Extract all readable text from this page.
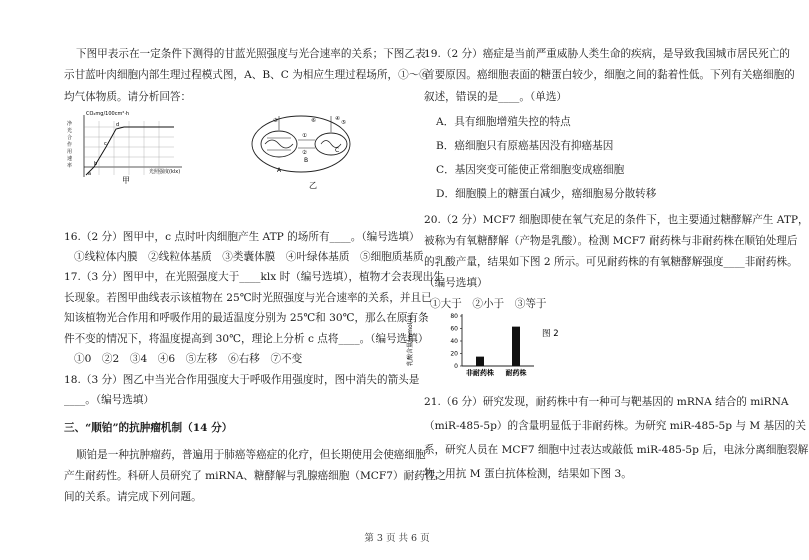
下图甲表示在一定条件下测得的甘蓝光照强度与光合速率的关系；下图乙表
示甘蓝叶肉细胞内部生理过程模式图，A、B、C 为相应生理过程场所，①～⑥
均气体物质。请分析回答：
净
光
合
作
用
速
率
CO₂mg/100cm²·h
a
b
c
d
光照强度(klx)
甲
①
②
③	④
⑤
⑥
A
B
C
乙
16.（2 分）图甲中，c 点时叶肉细胞产生 ATP 的场所有____。（编号选填）
①线粒体内膜　②线粒体基质　③类囊体膜　④叶绿体基质　⑤细胞质基质
17.（3 分）图甲中，在光照强度大于____klx 时（编号选填），植物才会表现出生
长现象。若图甲曲线表示该植物在 25℃时光照强度与光合速率的关系，并且已
知该植物光合作用和呼吸作用的最适温度分别为 25℃和 30℃，那么在原有条
件不变的情况下，将温度提高到 30℃，理论上分析 c 点将____。（编号选填）
①0　②2　③4　④6　⑤左移　⑥右移　⑦不变
18.（3 分）图乙中当光合作用强度大于呼吸作用强度时，图中消失的箭头是
____。（编号选填）
三、“顺铂”的抗肿瘤机制（14 分）
顺铂是一种抗肿瘤药，普遍用于肺癌等癌症的化疗，但长期使用会使癌细胞
产生耐药性。科研人员研究了 miRNA、糖酵解与乳腺癌细胞（MCF7）耐药性之
间的关系。请完成下列问题。
19.（2 分）癌症是当前严重威胁人类生命的疾病，是导致我国城市居民死亡的
首要原因。癌细胞表面的糖蛋白较少，细胞之间的黏着性低。下列有关癌细胞的
叙述，错误的是____。（单选）
A．具有细胞增殖失控的特点
B．癌细胞只有原癌基因没有抑癌基因
C．基因突变可能使正常细胞变成癌细胞
D．细胞膜上的糖蛋白减少，癌细胞易分散转移
20.（2 分）MCF7 细胞即使在氧气充足的条件下，也主要通过糖酵解产生 ATP，
被称为有氧糖酵解（产物是乳酸）。检测 MCF7 耐药株与非耐药株在顺铂处理后
的乳酸产量，结果如下图 2 所示。可见耐药株的有氧糖酵解强度____非耐药株。
（编号选填）
①大于　②小于　③等于
乳酸含量(mmol/L)
0
20
40
60
80
非耐药株 耐药株
图 2
21.（6 分）研究发现，耐药株中有一种可与靶基因的 mRNA 结合的 miRNA
（miR-485-5p）的含量明显低于非耐药株。为研究 miR-485-5p 与 M 基因的关
系，研究人员在 MCF7 细胞中过表达或敲低 miR-485-5p 后，电泳分离细胞裂解
物，用抗 M 蛋白抗体检测，结果如下图 3。
第 3 页 共 6 页
